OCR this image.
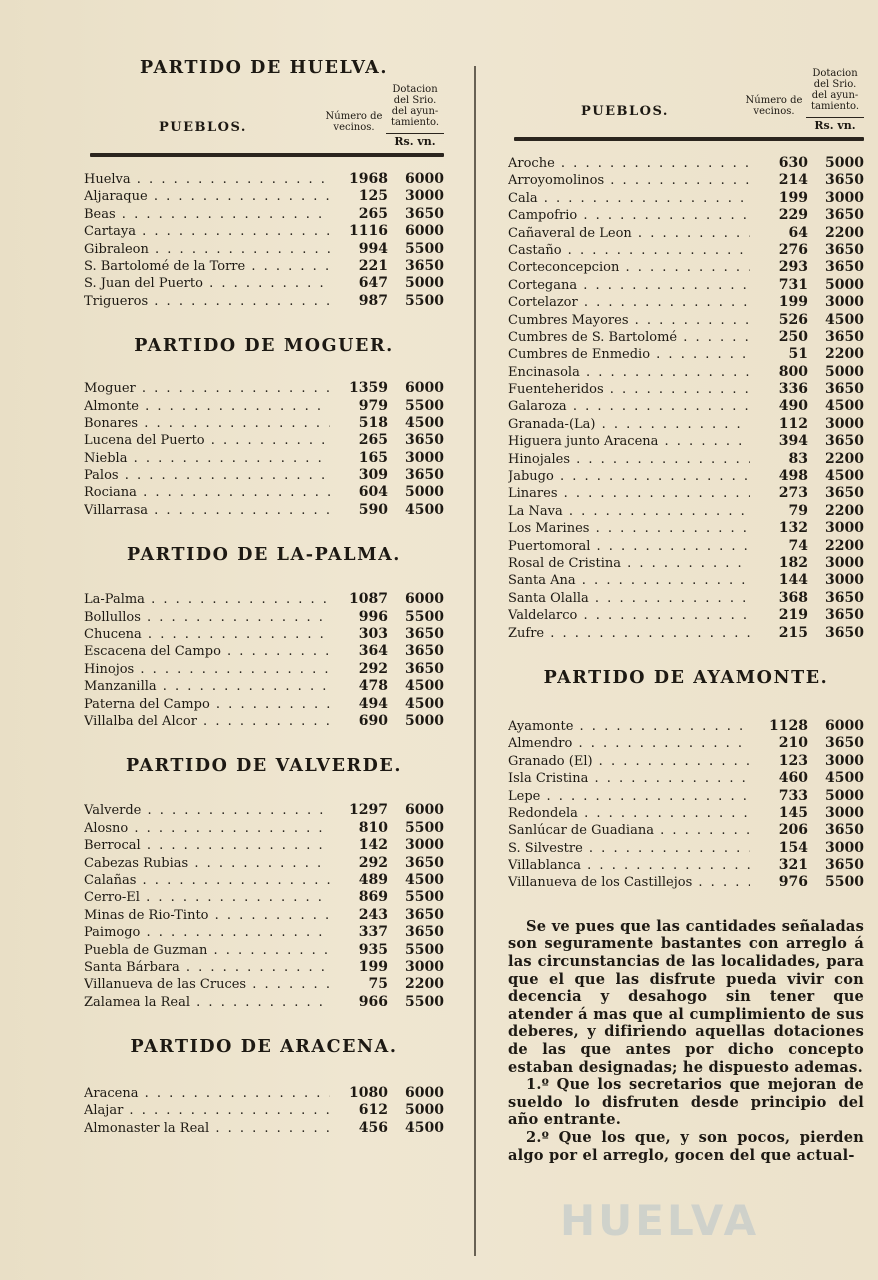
PARTIDO DE HUELVA.
PUEBLOS.
Número de vecinos.
Dotacion del Srio. del ayun- tamiento.
Rs. vn.
Huelva . . .	1968	6000
Aljaraque . . .	125	3000
Beas . . .	265	3650
Cartaya . . .	1116	6000
Gibraleon . . .	994	5500
S. Bartolomé de la Torre . . .	221	3650
S. Juan del Puerto . . .	647	5000
Trigueros . . .	987	5500
PARTIDO DE MOGUER.
Moguer . . .	1359	6000
Almonte . . .	979	5500
Bonares . . .	518	4500
Lucena del Puerto . . .	265	3650
Niebla . . .	165	3000
Palos . . .	309	3650
Rociana . . .	604	5000
Villarrasa . . .	590	4500
PARTIDO DE LA-PALMA.
La-Palma . . .	1087	6000
Bollullos . . .	996	5500
Chucena . . .	303	3650
Escacena del Campo . . .	364	3650
Hinojos . . .	292	3650
Manzanilla . . .	478	4500
Paterna del Campo . . .	494	4500
Villalba del Alcor . . .	690	5000
PARTIDO DE VALVERDE.
Valverde . . .	1297	6000
Alosno . . .	810	5500
Berrocal . . .	142	3000
Cabezas Rubias . . .	292	3650
Calañas . . .	489	4500
Cerro-El . . .	869	5500
Minas de Rio-Tinto . . .	243	3650
Paimogo . . .	337	3650
Puebla de Guzman . . .	935	5500
Santa Bárbara . . .	199	3000
Villanueva de las Cruces . . .	75	2200
Zalamea la Real . . .	966	5500
PARTIDO DE ARACENA.
Aracena . . .	1080	6000
Alajar . . .	612	5000
Almonaster la Real . . .	456	4500
PUEBLOS.
Número de vecinos.
Dotacion del Srio. del ayun- tamiento.
Rs. vn.
Aroche . . .	630	5000
Arroyomolinos . . .	214	3650
Cala . . .	199	3000
Campofrio . . .	229	3650
Cañaveral de Leon . . .	64	2200
Castaño . . .	276	3650
Corteconcepcion . . .	293	3650
Cortegana . . .	731	5000
Cortelazor . . .	199	3000
Cumbres Mayores . . .	526	4500
Cumbres de S. Bartolomé . . .	250	3650
Cumbres de Enmedio . . .	51	2200
Encinasola . . .	800	5000
Fuenteheridos . . .	336	3650
Galaroza . . .	490	4500
Granada-(La) . . .	112	3000
Higuera junto Aracena . . .	394	3650
Hinojales . . .	83	2200
Jabugo . . .	498	4500
Linares . . .	273	3650
La Nava . . .	79	2200
Los Marines . . .	132	3000
Puertomoral . . .	74	2200
Rosal de Cristina . . .	182	3000
Santa Ana . . .	144	3000
Santa Olalla . . .	368	3650
Valdelarco . . .	219	3650
Zufre . . .	215	3650
PARTIDO DE AYAMONTE.
Ayamonte . . .	1128	6000
Almendro . . .	210	3650
Granado (El) . . .	123	3000
Isla Cristina . . .	460	4500
Lepe . . .	733	5000
Redondela . . .	145	3000
Sanlúcar de Guadiana . . .	206	3650
S. Silvestre . . .	154	3000
Villablanca . . .	321	3650
Villanueva de los Castillejos . . .	976	5500

Se ve pues que las cantidades señaladas son seguramente bastantes con arreglo á las circunstancias de las localidades, para que el que las disfrute pueda vivir con decencia y desahogo sin tener que atender á mas que al cumplimiento de sus deberes, y difiriendo aquellas dotaciones de las que antes por dicho concepto estaban designadas; he dispuesto ademas.

1.º Que los secretarios que mejoran de sueldo lo disfruten desde principio del año entrante.

2.º Que los que, y son pocos, pierden algo por el arreglo, gocen del que actual-

HUELVA
